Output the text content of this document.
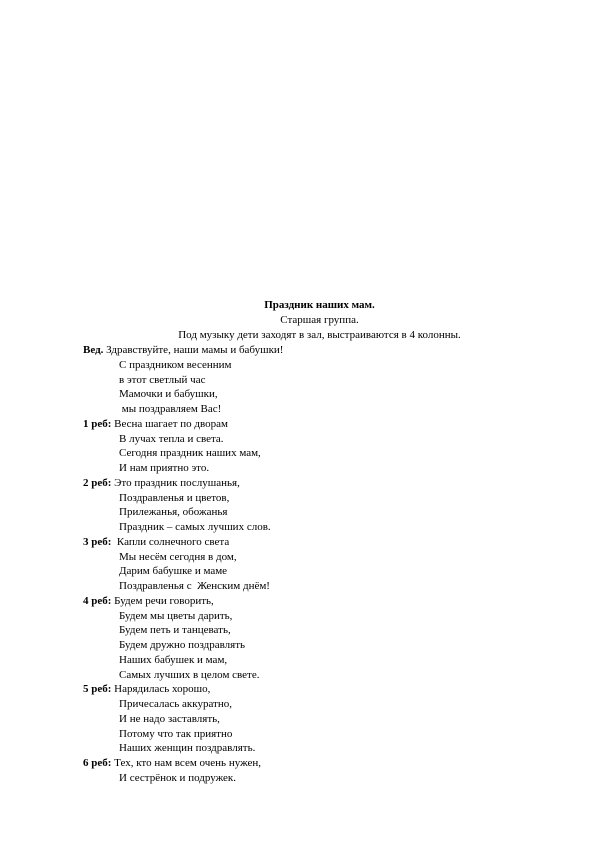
Праздник наших мам.
Старшая группа.
Под музыку дети заходят в зал, выстраиваются в 4 колонны.
Вед. Здравствуйте, наши мамы и бабушки!
С праздником весенним
в этот светлый час
Мамочки и бабушки,
мы поздравляем Вас!
1 реб: Весна шагает по дворам
В лучах тепла и света.
Сегодня праздник наших мам,
И нам приятно это.
2 реб: Это праздник послушанья,
Поздравленья и цветов,
Прилежанья, обожанья
Праздник – самых лучших слов.
3 реб:  Капли солнечного света
Мы несём сегодня в дом,
Дарим бабушке и маме
Поздравленья с  Женским днём!
4 реб: Будем речи говорить,
Будем мы цветы дарить,
Будем петь и танцевать,
Будем дружно поздравлять
Наших бабушек и мам,
Самых лучших в целом свете.
5 реб: Нарядилась хорошо,
Причесалась аккуратно,
И не надо заставлять,
Потому что так приятно
Наших женщин поздравлять.
6 реб: Тех, кто нам всем очень нужен,
И сестрёнок и подружек.
